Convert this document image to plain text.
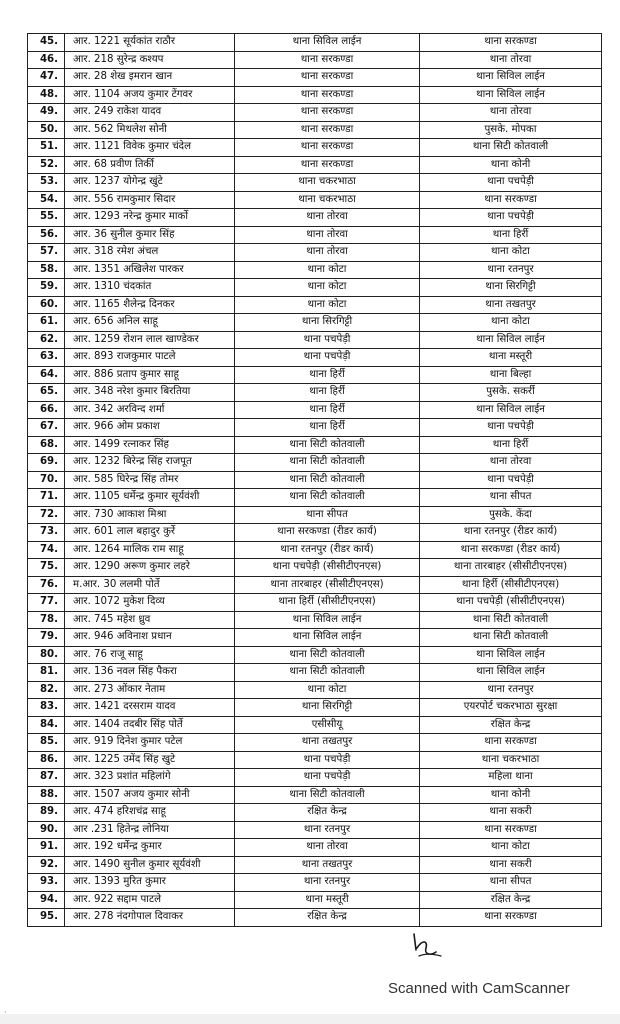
45.	आर. 1221 सूर्यकांत राठौर	थाना सिविल लाईन	थाना सरकण्डा
46.	आर. 218 सुरेन्द्र कश्यप	थाना सरकण्डा	थाना तोरवा
47.	आर. 28 शेख इमरान खान	थाना सरकण्डा	थाना सिविल लाईन
48.	आर. 1104 अजय कुमार टेंगवर	थाना सरकण्डा	थाना सिविल लाईन
49.	आर. 249 राकेश यादव	थाना सरकण्डा	थाना तोरवा
50.	आर. 562 मिथलेश सोनी	थाना सरकण्डा	पुसके. मोपका
51.	आर. 1121 विवेक कुमार चंदेल	थाना सरकण्डा	थाना सिटी कोतवाली
52.	आर. 68 प्रवीण तिर्की	थाना सरकण्डा	थाना कोनी
53.	आर. 1237 योगेन्द्र खुंटे	थाना चकरभाठा	थाना पचपेड़ी
54.	आर. 556 रामकुमार सिदार	थाना चकरभाठा	थाना सरकण्डा
55.	आर. 1293 नरेन्द्र कुमार मार्को	थाना तोरवा	थाना पचपेड़ी
56.	आर. 36 सुनील कुमार सिंह	थाना तोरवा	थाना हिर्री
57.	आर. 318 रमेश अंचल	थाना तोरवा	थाना कोटा
58.	आर. 1351 अखिलेश पारकर	थाना कोटा	थाना रतनपुर
59.	आर. 1310 चंदकांत	थाना कोटा	थाना सिरगिट्टी
60.	आर. 1165 शैलेन्द्र दिनकर	थाना कोटा	थाना तखतपुर
61.	आर. 656 अनिल साहू	थाना सिरगिट्टी	थाना कोटा
62.	आर. 1259 रोशन लाल खाण्डेकर	थाना पचपेड़ी	थाना सिविल लाईन
63.	आर. 893 राजकुमार पाटले	थाना पचपेड़ी	थाना मस्तूरी
64.	आर. 886 प्रताप कुमार साहू	थाना हिर्री	थाना बिल्हा
65.	आर. 348 नरेश कुमार बिरतिया	थाना हिर्री	पुसके. सकर्री
66.	आर. 342 अरविन्द शर्मा	थाना हिर्री	थाना सिविल लाईन
67.	आर. 966 ओम प्रकाश	थाना हिर्री	थाना पचपेड़ी
68.	आर. 1499 रत्नाकर सिंह	थाना सिटी कोतवाली	थाना हिर्री
69.	आर. 1232 बिरेन्द्र सिंह राजपूत	थाना सिटी कोतवाली	थाना तोरवा
70.	आर. 585 घिरेन्द्र सिंह तोमर	थाना सिटी कोतवाली	थाना पचपेड़ी
71.	आर. 1105 धर्मेन्द्र कुमार सूर्यवंशी	थाना सिटी कोतवाली	थाना सीपत
72.	आर. 730 आकाश मिश्रा	थाना सीपत	पुसके. केंदा
73.	आर. 601 लाल बहादुर कुर्रे	थाना सरकण्डा (रीडर कार्य)	थाना रतनपुर (रीडर कार्य)
74.	आर. 1264 मालिक राम साहू	थाना रतनपुर (रीडर कार्य)	थाना सरकण्डा (रीडर कार्य)
75.	आर. 1290 अरूण कुमार लहरे	थाना पचपेड़ी (सीसीटीएनएस)	थाना तारबाहर (सीसीटीएनएस)
76.	म.आर. 30 ललमी पोर्ते	थाना तारबाहर (सीसीटीएनएस)	थाना हिर्री (सीसीटीएनएस)
77.	आर. 1072 मुकेश दिव्य	थाना हिर्री (सीसीटीएनएस)	थाना पचपेड़ी (सीसीटीएनएस)
78.	आर. 745 महेश ध्रुव	थाना सिविल लाईन	थाना सिटी कोतवाली
79.	आर. 946 अविनाश प्रधान	थाना सिविल लाईन	थाना सिटी कोतवाली
80.	आर. 76 राजू साहू	थाना सिटी कोतवाली	थाना सिविल लाईन
81.	आर. 136 नवल सिंह पैकरा	थाना सिटी कोतवाली	थाना सिविल लाईन
82.	आर. 273 ओंकार नेताम	थाना कोटा	थाना रतनपुर
83.	आर. 1421 दरसराम यादव	थाना सिरगिट्टी	एयरपोर्ट चकरभाठा सुरक्षा
84.	आर. 1404 तदबीर सिंह पोर्ते	एसीसीयू	रक्षित केन्द्र
85.	आर. 919 दिनेश कुमार पटेल	थाना तखतपुर	थाना सरकण्डा
86.	आर. 1225 उमेंद सिंह खुटे	थाना पचपेड़ी	थाना चकरभाठा
87.	आर. 323 प्रशांत महिलांगे	थाना पचपेड़ी	महिला थाना
88.	आर. 1507 अजय कुमार सोनी	थाना सिटी कोतवाली	थाना कोनी
89.	आर. 474 हरिशचंद्र साहू	रक्षित केन्द्र	थाना सकरी
90.	आर .231 हितेन्द्र लोनिया	थाना रतनपुर	थाना सरकण्डा
91.	आर. 192 धर्मेन्द्र कुमार	थाना तोरवा	थाना कोटा
92.	आर. 1490 सुनील कुमार सूर्यवंशी	थाना तखतपुर	थाना सकरी
93.	आर. 1393 मुरित कुमार	थाना रतनपुर	थाना सीपत
94.	आर. 922 सद्दाम पाटले	थाना मस्तूरी	रक्षित केन्द्र
95.	आर. 278 नंदगोपाल दिवाकर	रक्षित केन्द्र	थाना सरकण्डा
Scanned with CamScanner
·
